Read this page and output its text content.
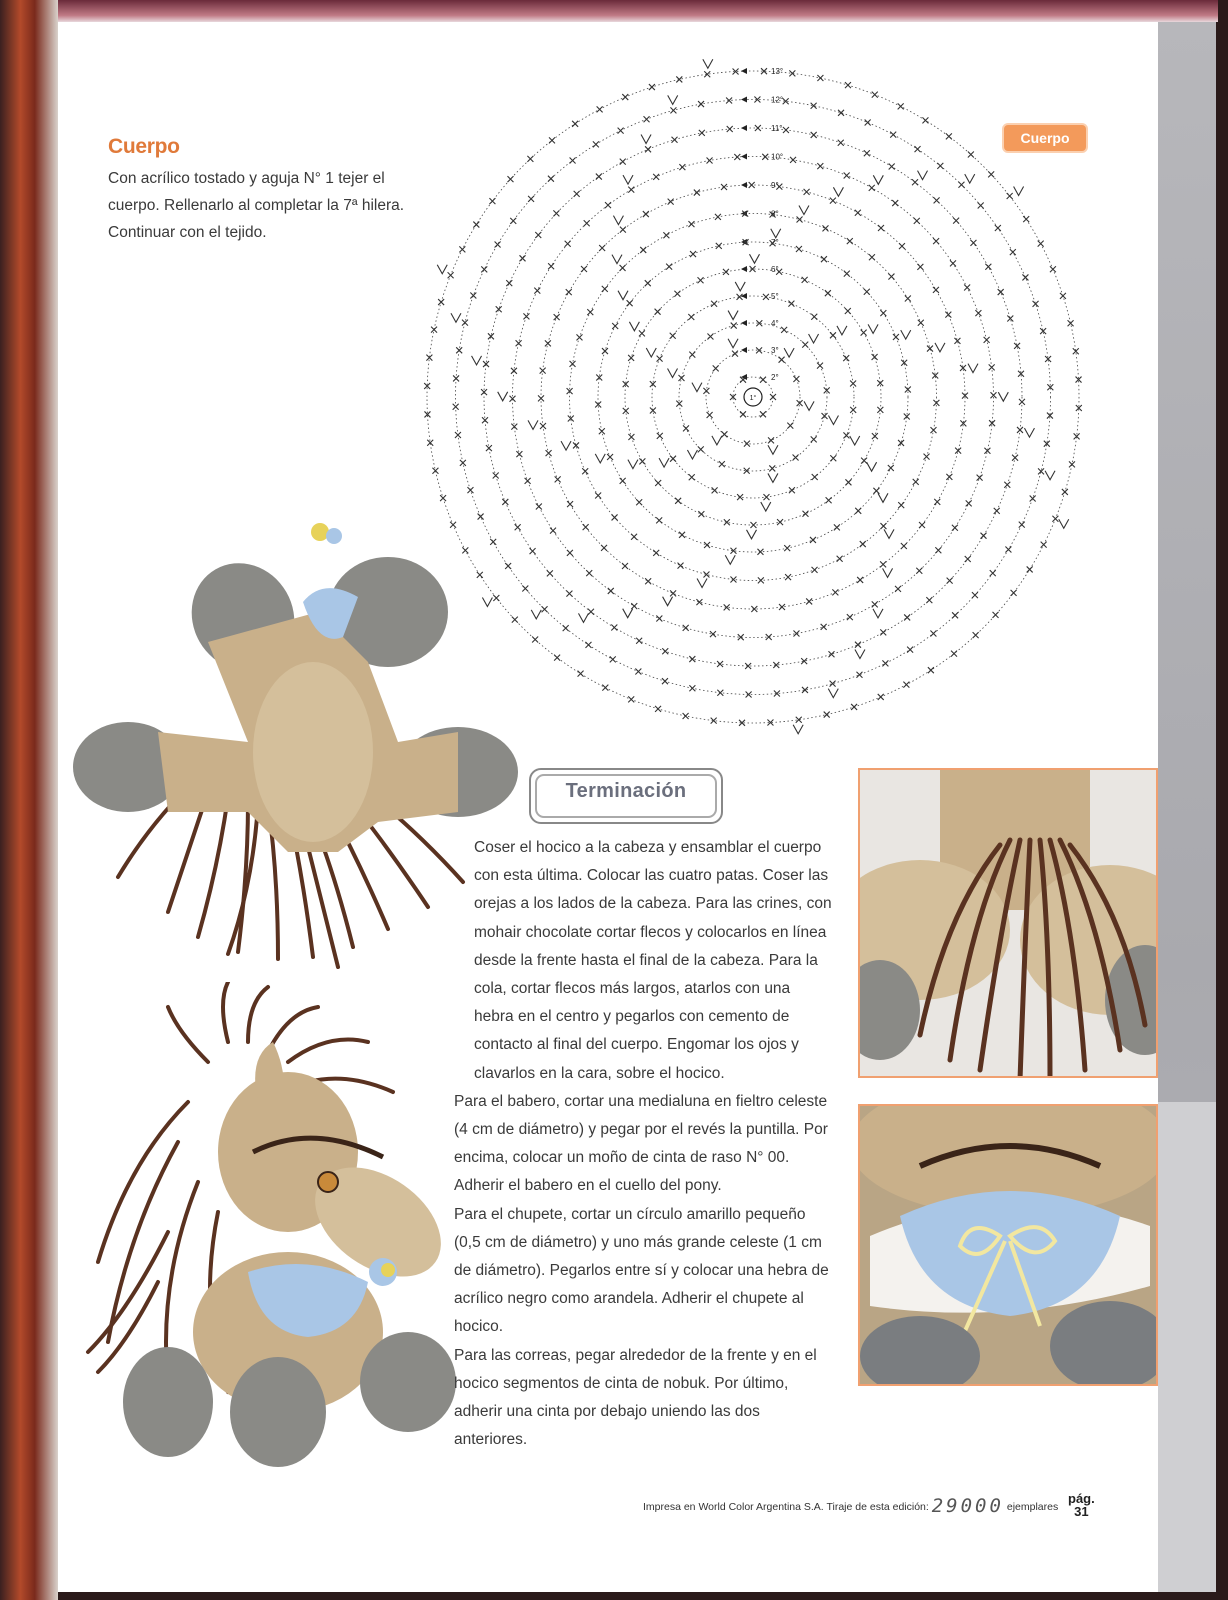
Cuerpo
Con acrílico tostado y aguja N° 1 tejer el cuerpo. Rellenarlo al completar la 7ª hilera. Continuar con el tejido.
Cuerpo
2°
3°
4°
5°
6°
7°
8°
9°
10°
11°
12°
13°
1°
Terminación

Coser el hocico a la cabeza y ensamblar el cuerpo con esta última. Colocar las cuatro patas. Coser las orejas a los lados de la cabeza. Para las crines, con mohair chocolate cortar flecos y colocarlos en línea desde la frente hasta el final de la cabeza. Para la cola, cortar flecos más largos, atarlos con una hebra en el centro y pegarlos con cemento de contacto al final del cuerpo. Engomar los ojos y clavarlos en la cara, sobre el hocico.

Para el babero, cortar una medialuna en fieltro celeste (4 cm de diámetro) y pegar por el revés la puntilla. Por encima, colocar un moño de cinta de raso N° 00. Adherir el babero en el cuello del pony.

Para el chupete, cortar un círculo amarillo pequeño (0,5 cm de diámetro) y uno más grande celeste (1 cm de diámetro). Pegarlos entre sí y colocar una hebra de acrílico negro como arandela. Adherir el chupete al hocico.

Para las correas, pegar alrededor de la frente y en el hocico segmentos de cinta de nobuk. Por último, adherir una cinta por debajo uniendo las dos anteriores.

Impresa en World Color Argentina S.A. Tiraje de esta edición: 29000 ejemplares
pág.
31
